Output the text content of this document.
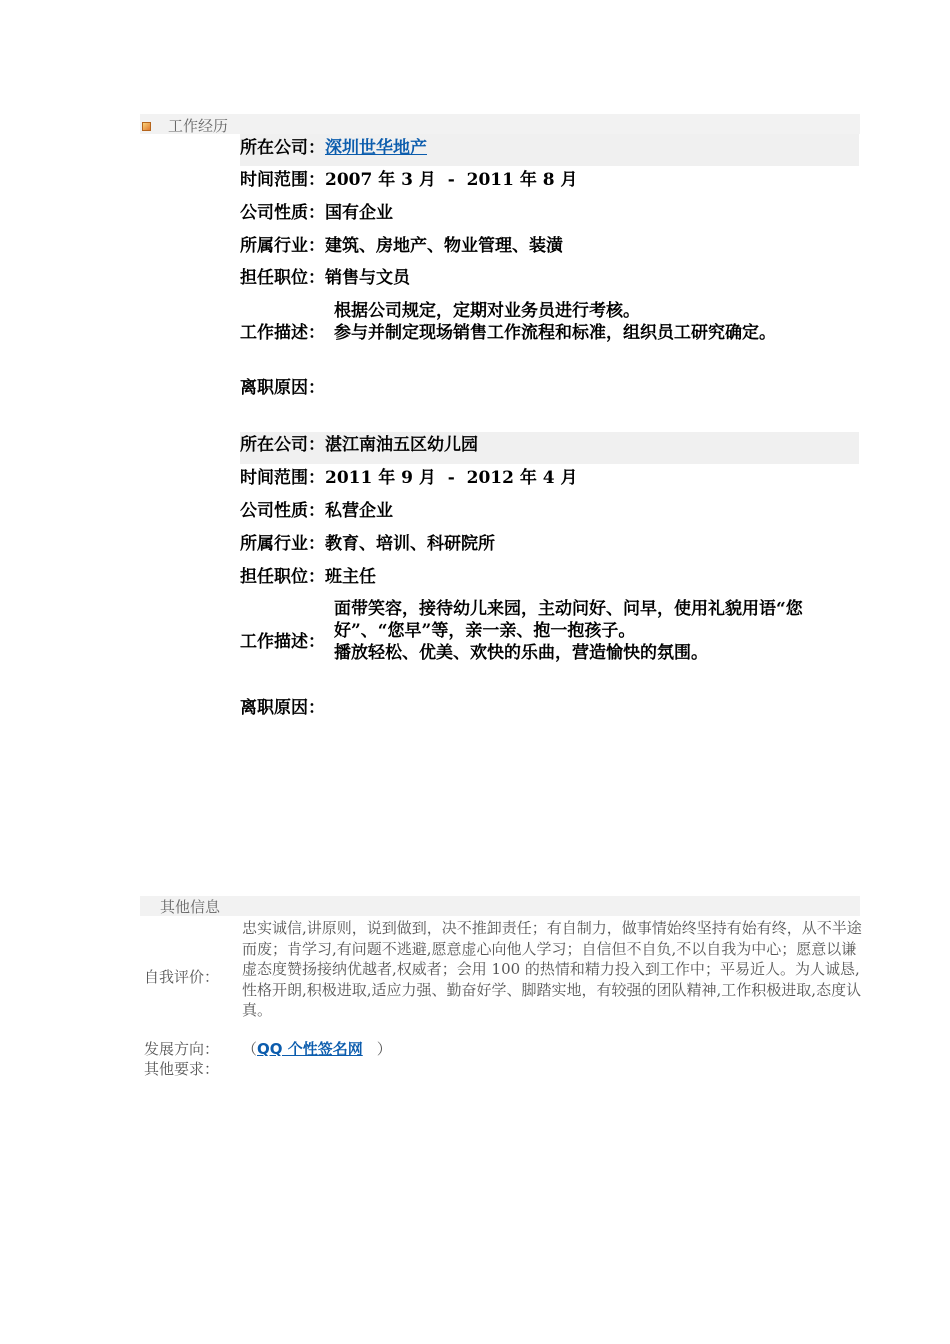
工作经历
所在公司：深圳世华地产
时间范围：2007 年 3 月  -  2011 年 8 月
公司性质：国有企业
所属行业：建筑、房地产、物业管理、装潢
担任职位：销售与文员
工作描述：
根据公司规定，定期对业务员进行考核。
参与并制定现场销售工作流程和标准，组织员工研究确定。
离职原因：
所在公司：湛江南油五区幼儿园
时间范围：2011 年 9 月  -  2012 年 4 月
公司性质：私营企业
所属行业：教育、培训、科研院所
担任职位：班主任
工作描述：
面带笑容，接待幼儿来园，主动问好、问早，使用礼貌用语“您
好”、“您早”等，亲一亲、抱一抱孩子。
播放轻松、优美、欢快的乐曲，营造愉快的氛围。
离职原因：
其他信息
自我评价：
忠实诚信,讲原则，说到做到，决不推卸责任；有自制力，做事情始终坚持有始有终，从不半途而废；肯学习,有问题不逃避,愿意虚心向他人学习；自信但不自负,不以自我为中心；愿意以谦虚态度赞扬接纳优越者,权威者；会用 100 的热情和精力投入到工作中；平易近人。为人诚恳,性格开朗,积极进取,适应力强、勤奋好学、脚踏实地，有较强的团队精神,工作积极进取,态度认真。
发展方向： （QQ 个性签名网 ）
其他要求：
